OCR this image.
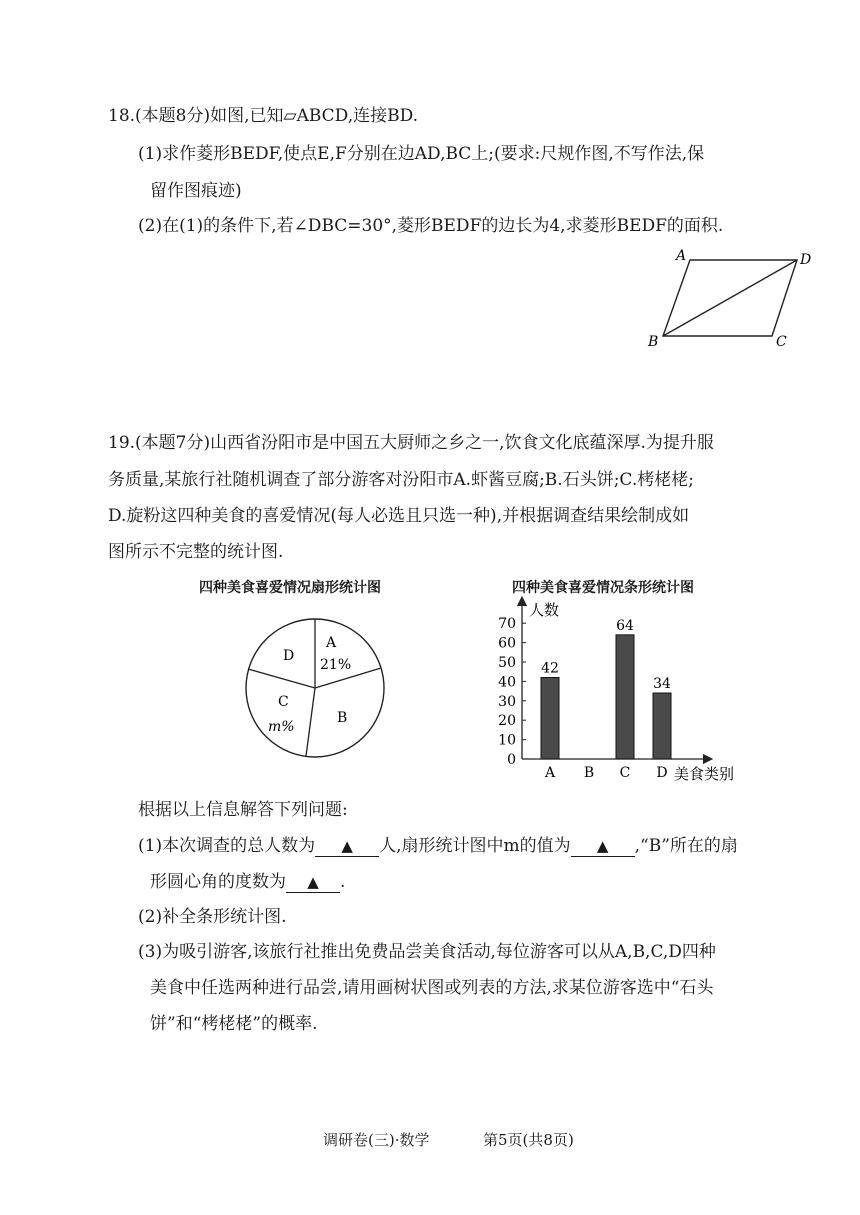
18.(本题8分)如图,已知▱ABCD,连接BD.
(1)求作菱形BEDF,使点E,F分别在边AD,BC上;(要求:尺规作图,不写作法,保
留作图痕迹)
(2)在(1)的条件下,若∠DBC=30°,菱形BEDF的边长为4,求菱形BEDF的面积.
A	D
B	C
19.(本题7分)山西省汾阳市是中国五大厨师之乡之一,饮食文化底蕴深厚.为提升服
务质量,某旅行社随机调查了部分游客对汾阳市A.虾酱豆腐;B.石头饼;C.栲栳栳;
D.旋粉这四种美食的喜爱情况(每人必选且只选一种),并根据调查结果绘制成如
图所示不完整的统计图.
四种美食喜爱情况扇形统计图
A
21%
B
C
m%
D
四种美食喜爱情况条形统计图
人数
美食类别
0
10
20
30
40
50
60
70
A B C D
42
64
34
根据以上信息解答下列问题:
(1)本次调查的总人数为 ▲ 人,扇形统计图中m的值为 ▲ ,“B”所在的扇
形圆心角的度数为 ▲ .
(2)补全条形统计图.
(3)为吸引游客,该旅行社推出免费品尝美食活动,每位游客可以从A,B,C,D四种
美食中任选两种进行品尝,请用画树状图或列表的方法,求某位游客选中“石头
饼”和“栲栳栳”的概率.
调研卷(三)·数学	第5页(共8页)
